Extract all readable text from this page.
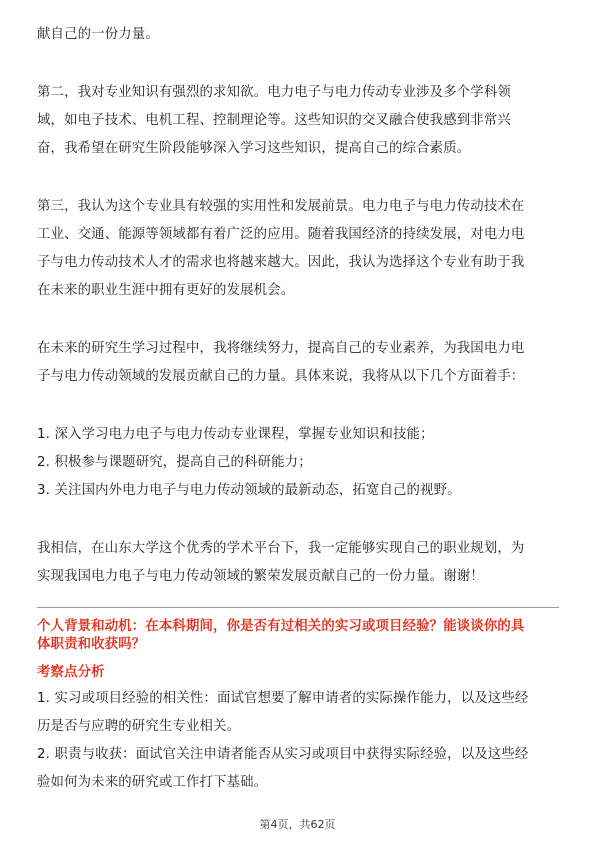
献自己的一份力量。

第二，我对专业知识有强烈的求知欲。电力电子与电力传动专业涉及多个学科领

域，如电子技术、电机工程、控制理论等。这些知识的交叉融合使我感到非常兴

奋，我希望在研究生阶段能够深入学习这些知识，提高自己的综合素质。

第三，我认为这个专业具有较强的实用性和发展前景。电力电子与电力传动技术在

工业、交通、能源等领域都有着广泛的应用。随着我国经济的持续发展，对电力电

子与电力传动技术人才的需求也将越来越大。因此，我认为选择这个专业有助于我

在未来的职业生涯中拥有更好的发展机会。

在未来的研究生学习过程中，我将继续努力，提高自己的专业素养，为我国电力电

子与电力传动领域的发展贡献自己的力量。具体来说，我将从以下几个方面着手：

1. 深入学习电力电子与电力传动专业课程，掌握专业知识和技能；

2. 积极参与课题研究，提高自己的科研能力；

3. 关注国内外电力电子与电力传动领域的最新动态，拓宽自己的视野。

我相信，在山东大学这个优秀的学术平台下，我一定能够实现自己的职业规划，为

实现我国电力电子与电力传动领域的繁荣发展贡献自己的一份力量。谢谢！

个人背景和动机：在本科期间，你是否有过相关的实习或项目经验？能谈谈你的具

体职责和收获吗？

考察点分析

1. 实习或项目经验的相关性：面试官想要了解申请者的实际操作能力，以及这些经

历是否与应聘的研究生专业相关。

2. 职责与收获：面试官关注申请者能否从实习或项目中获得实际经验，以及这些经

验如何为未来的研究或工作打下基础。

第4页，共62页
